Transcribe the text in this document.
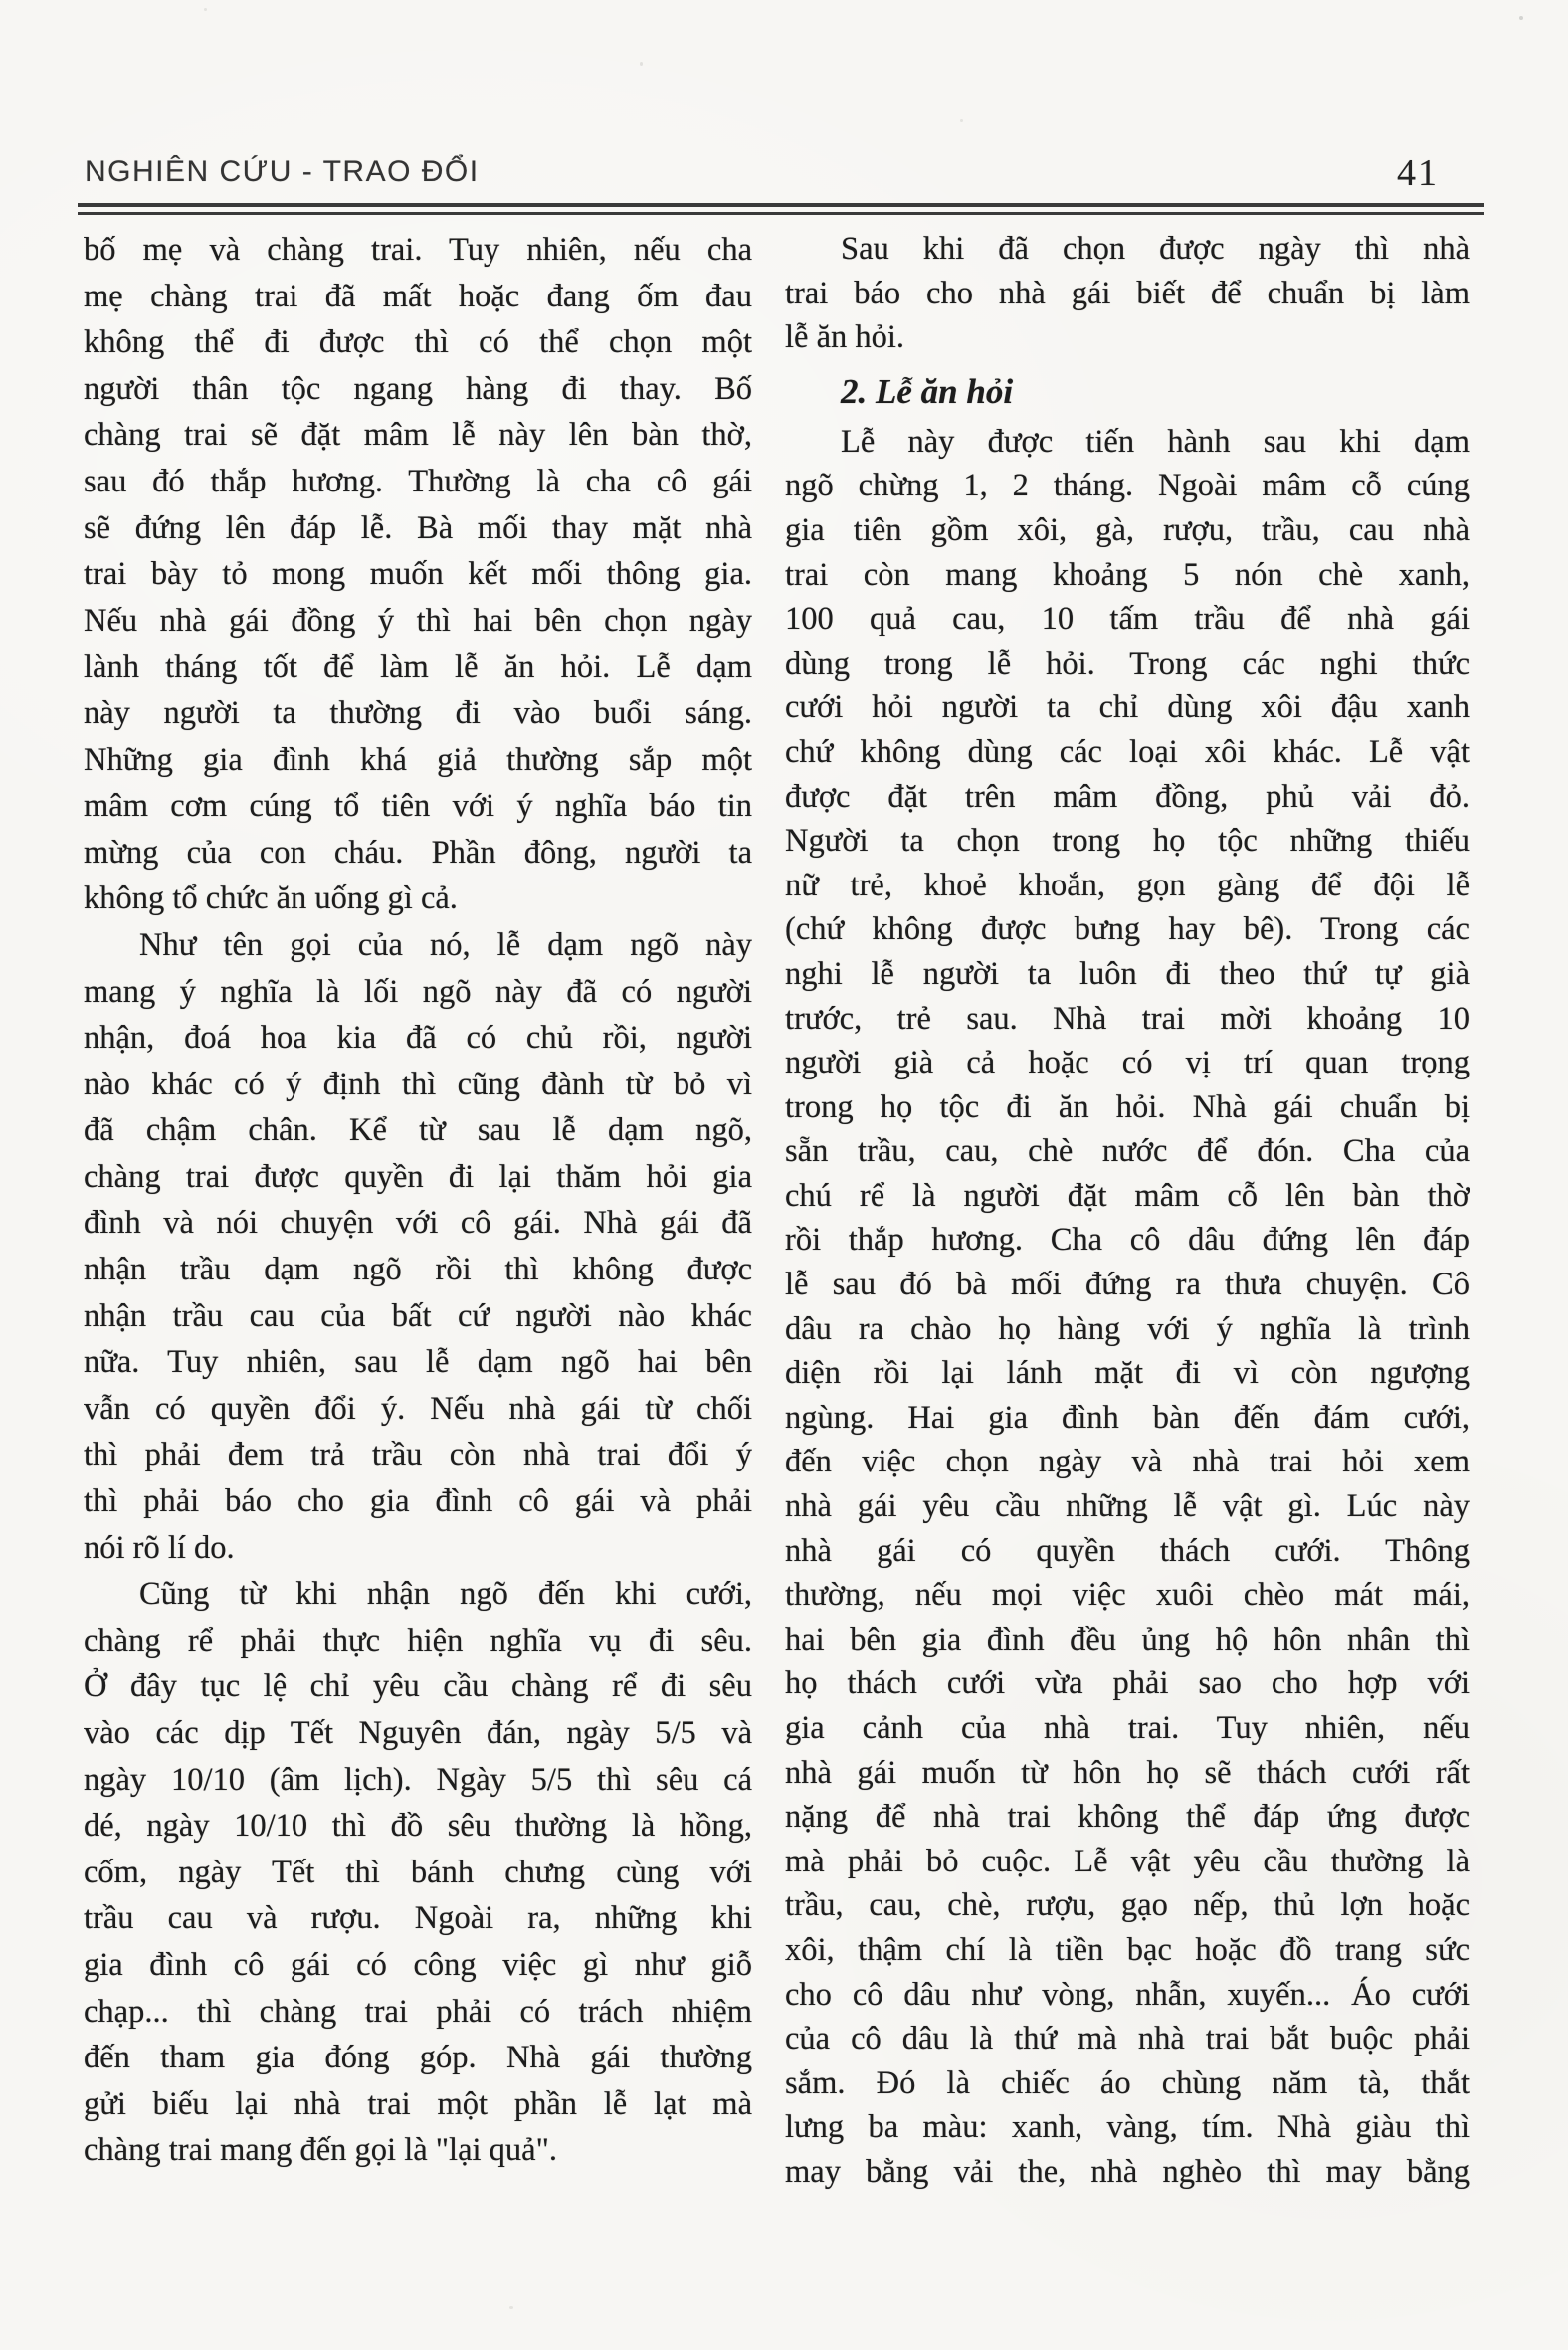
NGHIÊN CỨU - TRAO ĐỔI	41
bố mẹ và chàng trai. Tuy nhiên, nếu cha
mẹ chàng trai đã mất hoặc đang ốm đau
không thể đi được thì có thể chọn một
người thân tộc ngang hàng đi thay. Bố
chàng trai sẽ đặt mâm lễ này lên bàn thờ,
sau đó thắp hương. Thường là cha cô gái
sẽ đứng lên đáp lễ. Bà mối thay mặt nhà
trai bày tỏ mong muốn kết mối thông gia.
Nếu nhà gái đồng ý thì hai bên chọn ngày
lành tháng tốt để làm lễ ăn hỏi. Lễ dạm
này người ta thường đi vào buổi sáng.
Những gia đình khá giả thường sắp một
mâm cơm cúng tổ tiên với ý nghĩa báo tin
mừng của con cháu. Phần đông, người ta
không tổ chức ăn uống gì cả.
Như tên gọi của nó, lễ dạm ngõ này
mang ý nghĩa là lối ngõ này đã có người
nhận, đoá hoa kia đã có chủ rồi, người
nào khác có ý định thì cũng đành từ bỏ vì
đã chậm chân. Kể từ sau lễ dạm ngõ,
chàng trai được quyền đi lại thăm hỏi gia
đình và nói chuyện với cô gái. Nhà gái đã
nhận trầu dạm ngõ rồi thì không được
nhận trầu cau của bất cứ người nào khác
nữa. Tuy nhiên, sau lễ dạm ngõ hai bên
vẫn có quyền đổi ý. Nếu nhà gái từ chối
thì phải đem trả trầu còn nhà trai đổi ý
thì phải báo cho gia đình cô gái và phải
nói rõ lí do.
Cũng từ khi nhận ngõ đến khi cưới,
chàng rể phải thực hiện nghĩa vụ đi sêu.
Ở đây tục lệ chỉ yêu cầu chàng rể đi sêu
vào các dịp Tết Nguyên đán, ngày 5/5 và
ngày 10/10 (âm lịch). Ngày 5/5 thì sêu cá
dé, ngày 10/10 thì đồ sêu thường là hồng,
cốm, ngày Tết thì bánh chưng cùng với
trầu cau và rượu. Ngoài ra, những khi
gia đình cô gái có công việc gì như giỗ
chạp... thì chàng trai phải có trách nhiệm
đến tham gia đóng góp. Nhà gái thường
gửi biếu lại nhà trai một phần lễ lạt mà
chàng trai mang đến gọi là "lại quả".
Sau khi đã chọn được ngày thì nhà
trai báo cho nhà gái biết để chuẩn bị làm
lễ ăn hỏi.
2. Lễ ăn hỏi
Lễ này được tiến hành sau khi dạm
ngõ chừng 1, 2 tháng. Ngoài mâm cỗ cúng
gia tiên gồm xôi, gà, rượu, trầu, cau nhà
trai còn mang khoảng 5 nón chè xanh,
100 quả cau, 10 tấm trầu để nhà gái
dùng trong lễ hỏi. Trong các nghi thức
cưới hỏi người ta chỉ dùng xôi đậu xanh
chứ không dùng các loại xôi khác. Lễ vật
được đặt trên mâm đồng, phủ vải đỏ.
Người ta chọn trong họ tộc những thiếu
nữ trẻ, khoẻ khoắn, gọn gàng để đội lễ
(chứ không được bưng hay bê). Trong các
nghi lễ người ta luôn đi theo thứ tự già
trước, trẻ sau. Nhà trai mời khoảng 10
người già cả hoặc có vị trí quan trọng
trong họ tộc đi ăn hỏi. Nhà gái chuẩn bị
sẵn trầu, cau, chè nước để đón. Cha của
chú rể là người đặt mâm cỗ lên bàn thờ
rồi thắp hương. Cha cô dâu đứng lên đáp
lễ sau đó bà mối đứng ra thưa chuyện. Cô
dâu ra chào họ hàng với ý nghĩa là trình
diện rồi lại lánh mặt đi vì còn ngượng
ngùng. Hai gia đình bàn đến đám cưới,
đến việc chọn ngày và nhà trai hỏi xem
nhà gái yêu cầu những lễ vật gì. Lúc này
nhà gái có quyền thách cưới. Thông
thường, nếu mọi việc xuôi chèo mát mái,
hai bên gia đình đều ủng hộ hôn nhân thì
họ thách cưới vừa phải sao cho hợp với
gia cảnh của nhà trai. Tuy nhiên, nếu
nhà gái muốn từ hôn họ sẽ thách cưới rất
nặng để nhà trai không thể đáp ứng được
mà phải bỏ cuộc. Lễ vật yêu cầu thường là
trầu, cau, chè, rượu, gạo nếp, thủ lợn hoặc
xôi, thậm chí là tiền bạc hoặc đồ trang sức
cho cô dâu như vòng, nhẫn, xuyến... Áo cưới
của cô dâu là thứ mà nhà trai bắt buộc phải
sắm. Đó là chiếc áo chùng năm tà, thắt
lưng ba màu: xanh, vàng, tím. Nhà giàu thì
may bằng vải the, nhà nghèo thì may bằng
